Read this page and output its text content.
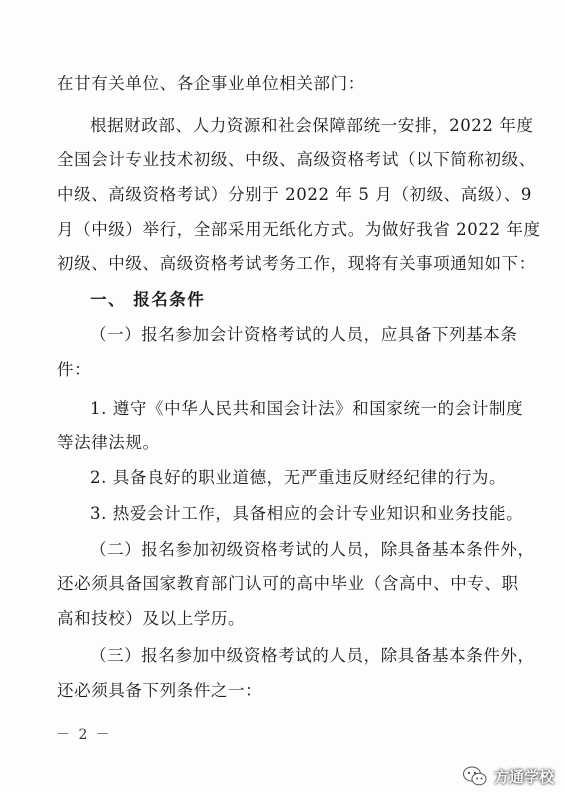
在甘有关单位、各企事业单位相关部门：
根据财政部、人力资源和社会保障部统一安排，2022 年度
全国会计专业技术初级、中级、高级资格考试（以下简称初级、
中级、高级资格考试）分别于 2022 年 5 月（初级、高级）、9
月（中级）举行，全部采用无纸化方式。为做好我省 2022 年度
初级、中级、高级资格考试考务工作，现将有关事项通知如下：
一、 报名条件
（一）报名参加会计资格考试的人员，应具备下列基本条
件：
1. 遵守《中华人民共和国会计法》和国家统一的会计制度
等法律法规。
2. 具备良好的职业道德，无严重违反财经纪律的行为。
3. 热爱会计工作，具备相应的会计专业知识和业务技能。
（二）报名参加初级资格考试的人员，除具备基本条件外，
还必须具备国家教育部门认可的高中毕业（含高中、中专、职
高和技校）及以上学历。
（三）报名参加中级资格考试的人员，除具备基本条件外，
还必须具备下列条件之一：
－ 2 －
方通学校
